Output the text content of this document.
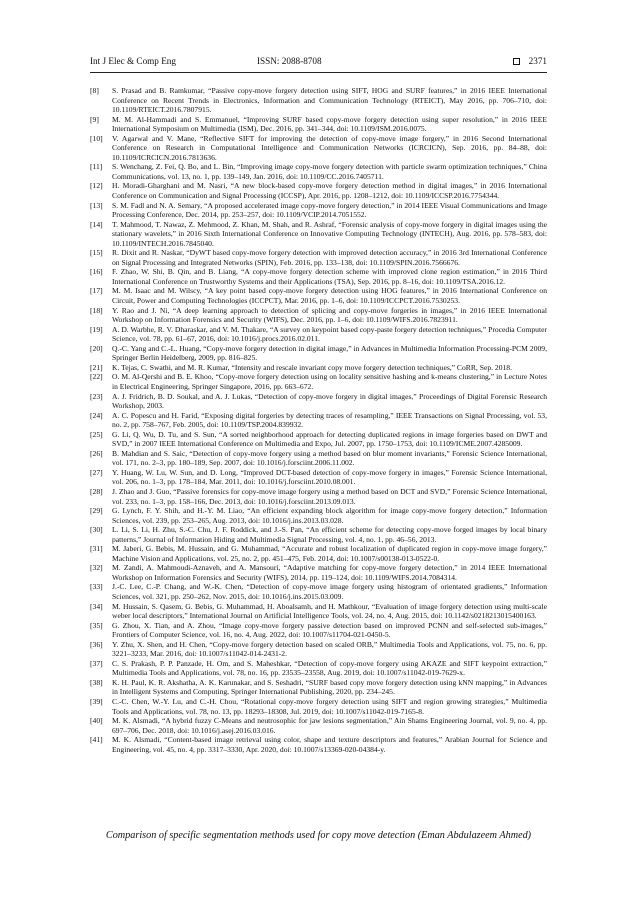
Int J Elec & Comp Eng	ISSN: 2088-8708	2371
[8] S. Prasad and B. Ramkumar, “Passive copy-move forgery detection using SIFT, HOG and SURF features,” in 2016 IEEE International Conference on Recent Trends in Electronics, Information and Communication Technology (RTEICT), May 2016, pp. 706–710, doi: 10.1109/RTEICT.2016.7807915.
[9] M. M. Al-Hammadi and S. Emmanuel, “Improving SURF based copy-move forgery detection using super resolution,” in 2016 IEEE International Symposium on Multimedia (ISM), Dec. 2016, pp. 341–344, doi: 10.1109/ISM.2016.0075.
[10] V. Agarwal and V. Mane, “Reflective SIFT for improving the detection of copy-move image forgery,” in 2016 Second International Conference on Research in Computational Intelligence and Communication Networks (ICRCICN), Sep. 2016, pp. 84–88, doi: 10.1109/ICRCICN.2016.7813636.
[11] S. Wenchang, Z. Fei, Q. Bo, and L. Bin, “Improving image copy-move forgery detection with particle swarm optimization techniques,” China Communications, vol. 13, no. 1, pp. 139–149, Jan. 2016, doi: 10.1109/CC.2016.7405711.
[12] H. Moradi-Gharghani and M. Nasri, “A new block-based copy-move forgery detection method in digital images,” in 2016 International Conference on Communication and Signal Processing (ICCSP), Apr. 2016, pp. 1208–1212, doi: 10.1109/ICCSP.2016.7754344.
[13] S. M. Fadl and N. A. Semary, “A proposed accelerated image copy-move forgery detection,” in 2014 IEEE Visual Communications and Image Processing Conference, Dec. 2014, pp. 253–257, doi: 10.1109/VCIP.2014.7051552.
[14] T. Mahmood, T. Nawaz, Z. Mehmood, Z. Khan, M. Shah, and R. Ashraf, “Forensic analysis of copy-move forgery in digital images using the stationary wavelets,” in 2016 Sixth International Conference on Innovative Computing Technology (INTECH), Aug. 2016, pp. 578–583, doi: 10.1109/INTECH.2016.7845040.
[15] R. Dixit and R. Naskar, “DyWT based copy-move forgery detection with improved detection accuracy,” in 2016 3rd International Conference on Signal Processing and Integrated Networks (SPIN), Feb. 2016, pp. 133–138, doi: 10.1109/SPIN.2016.7566676.
[16] F. Zhao, W. Shi, B. Qin, and B. Liang, “A copy-move forgery detection scheme with improved clone region estimation,” in 2016 Third International Conference on Trustworthy Systems and their Applications (TSA), Sep. 2016, pp. 8–16, doi: 10.1109/TSA.2016.12.
[17] M. M. Isaac and M. Wilscy, “A key point based copy-move forgery detection using HOG features,” in 2016 International Conference on Circuit, Power and Computing Technologies (ICCPCT), Mar. 2016, pp. 1–6, doi: 10.1109/ICCPCT.2016.7530253.
[18] Y. Rao and J. Ni, “A deep learning approach to detection of splicing and copy-move forgeries in images,” in 2016 IEEE International Workshop on Information Forensics and Security (WIFS), Dec. 2016, pp. 1–6, doi: 10.1109/WIFS.2016.7823911.
[19] A. D. Warbhe, R. V. Dharaskar, and V. M. Thakare, “A survey on keypoint based copy-paste forgery detection techniques,” Procedia Computer Science, vol. 78, pp. 61–67, 2016, doi: 10.1016/j.procs.2016.02.011.
[20] Q.-C. Yang and C.-L. Huang, “Copy-move forgery detection in digital image,” in Advances in Multimedia Information Processing-PCM 2009, Springer Berlin Heidelberg, 2009, pp. 816–825.
[21] K. Tejas, C. Swathi, and M. R. Kumar, “Intensity and rescale invariant copy move forgery detection techniques,” CoRR, Sep. 2018.
[22] O. M. Al-Qershi and B. E. Khoo, “Copy-move forgery detection using on locality sensitive hashing and k-means clustering,” in Lecture Notes in Electrical Engineering, Springer Singapore, 2016, pp. 663–672.
[23] A. J. Fridrich, B. D. Soukal, and A. J. Lukas, “Detection of copy-move forgery in digital images,” Proceedings of Digital Forensic Research Workshop, 2003.
[24] A. C. Popescu and H. Farid, “Exposing digital forgeries by detecting traces of resampling,” IEEE Transactions on Signal Processing, vol. 53, no. 2, pp. 758–767, Feb. 2005, doi: 10.1109/TSP.2004.839932.
[25] G. Li, Q. Wu, D. Tu, and S. Sun, “A sorted neighborhood approach for detecting duplicated regions in image forgeries based on DWT and SVD,” in 2007 IEEE International Conference on Multimedia and Expo, Jul. 2007, pp. 1750–1753, doi: 10.1109/ICME.2007.4285009.
[26] B. Mahdian and S. Saic, “Detection of copy-move forgery using a method based on blur moment invariants,” Forensic Science International, vol. 171, no. 2–3, pp. 180–189, Sep. 2007, doi: 10.1016/j.forsciint.2006.11.002.
[27] Y. Huang, W. Lu, W. Sun, and D. Long, “Improved DCT-based detection of copy-move forgery in images,” Forensic Science International, vol. 206, no. 1–3, pp. 178–184, Mar. 2011, doi: 10.1016/j.forsciint.2010.08.001.
[28] J. Zhao and J. Guo, “Passive forensics for copy-move image forgery using a method based on DCT and SVD,” Forensic Science International, vol. 233, no. 1–3, pp. 158–166, Dec. 2013, doi: 10.1016/j.forsciint.2013.09.013.
[29] G. Lynch, F. Y. Shih, and H.-Y. M. Liao, “An efficient expanding block algorithm for image copy-move forgery detection,” Information Sciences, vol. 239, pp. 253–265, Aug. 2013, doi: 10.1016/j.ins.2013.03.028.
[30] L. Li, S. Li, H. Zhu, S.-C. Chu, J. F. Roddick, and J.-S. Pan, “An efficient scheme for detecting copy-move forged images by local binary patterns,” Journal of Information Hiding and Multimedia Signal Processing, vol. 4, no. 1, pp. 46–56, 2013.
[31] M. Jaberi, G. Bebis, M. Hussain, and G. Muhammad, “Accurate and robust localization of duplicated region in copy-move image forgery,” Machine Vision and Applications, vol. 25, no. 2, pp. 451–475, Feb. 2014, doi: 10.1007/s00138-013-0522-0.
[32] M. Zandi, A. Mahmoudi-Aznaveh, and A. Mansouri, “Adaptive matching for copy-move forgery detection,” in 2014 IEEE International Workshop on Information Forensics and Security (WIFS), 2014, pp. 119–124, doi: 10.1109/WIFS.2014.7084314.
[33] J.-C. Lee, C.-P. Chang, and W.-K. Chen, “Detection of copy-move image forgery using histogram of orientated gradients,” Information Sciences, vol. 321, pp. 250–262, Nov. 2015, doi: 10.1016/j.ins.2015.03.009.
[34] M. Hussain, S. Qasem, G. Bebis, G. Muhammad, H. Aboalsamh, and H. Mathkour, “Evaluation of image forgery detection using multi-scale weber local descriptors,” International Journal on Artificial Intelligence Tools, vol. 24, no. 4, Aug. 2015, doi: 10.1142/s0218213015400163.
[35] G. Zhou, X. Tian, and A. Zhou, “Image copy-move forgery passive detection based on improved PCNN and self-selected sub-images,” Frontiers of Computer Science, vol. 16, no. 4, Aug. 2022, doi: 10.1007/s11704-021-0450-5.
[36] Y. Zhu, X. Shen, and H. Chen, “Copy-move forgery detection based on scaled ORB,” Multimedia Tools and Applications, vol. 75, no. 6, pp. 3221–3233, Mar. 2016, doi: 10.1007/s11042-014-2431-2.
[37] C. S. Prakash, P. P. Panzade, H. Om, and S. Maheshkar, “Detection of copy-move forgery using AKAZE and SIFT keypoint extraction,” Multimedia Tools and Applications, vol. 78, no. 16, pp. 23535–23558, Aug. 2019, doi: 10.1007/s11042-019-7629-x.
[38] K. H. Paul, K. R. Akshatha, A. K. Karunakar, and S. Seshadri, “SURF based copy move forgery detection using kNN mapping,” in Advances in Intelligent Systems and Computing, Springer International Publishing, 2020, pp. 234–245.
[39] C.-C. Chen, W.-Y. Lu, and C.-H. Chou, “Rotational copy-move forgery detection using SIFT and region growing strategies,” Multimedia Tools and Applications, vol. 78, no. 13, pp. 18293–18308, Jul. 2019, doi: 10.1007/s11042-019-7165-8.
[40] M. K. Alsmadi, “A hybrid fuzzy C-Means and neutrosophic for jaw lesions segmentation,” Ain Shams Engineering Journal, vol. 9, no. 4, pp. 697–706, Dec. 2018, doi: 10.1016/j.asej.2016.03.016.
[41] M. K. Alsmadi, “Content-based image retrieval using color, shape and texture descriptors and features,” Arabian Journal for Science and Engineering, vol. 45, no. 4, pp. 3317–3330, Apr. 2020, doi: 10.1007/s13369-020-04384-y.
Comparison of specific segmentation methods used for copy move detection (Eman Abdulazeem Ahmed)
